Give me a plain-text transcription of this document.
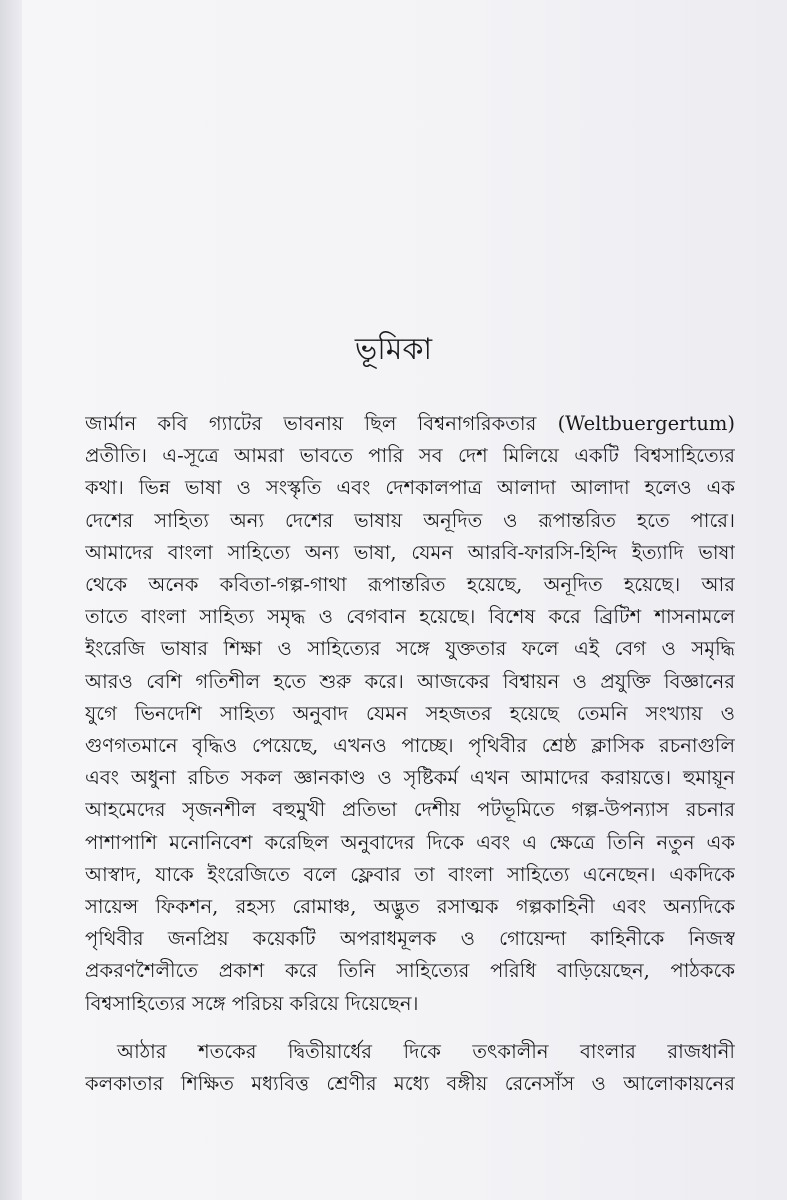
ভূমিকা
জার্মান কবি গ্যাটের ভাবনায় ছিল বিশ্বনাগরিকতার (Weltbuergertum)
প্রতীতি। এ-সূত্রে আমরা ভাবতে পারি সব দেশ মিলিয়ে একটি বিশ্বসাহিত্যের
কথা। ভিন্ন ভাষা ও সংস্কৃতি এবং দেশকালপাত্র আলাদা আলাদা হলেও এক
দেশের সাহিত্য অন্য দেশের ভাষায় অনূদিত ও রূপান্তরিত হতে পারে।
আমাদের বাংলা সাহিত্যে অন্য ভাষা, যেমন আরবি-ফারসি-হিন্দি ইত্যাদি ভাষা
থেকে অনেক কবিতা-গল্প-গাথা রূপান্তরিত হয়েছে, অনূদিত হয়েছে। আর
তাতে বাংলা সাহিত্য সমৃদ্ধ ও বেগবান হয়েছে। বিশেষ করে ব্রিটিশ শাসনামলে
ইংরেজি ভাষার শিক্ষা ও সাহিত্যের সঙ্গে যুক্ততার ফলে এই বেগ ও সমৃদ্ধি
আরও বেশি গতিশীল হতে শুরু করে। আজকের বিশ্বায়ন ও প্রযুক্তি বিজ্ঞানের
যুগে ভিনদেশি সাহিত্য অনুবাদ যেমন সহজতর হয়েছে তেমনি সংখ্যায় ও
গুণগতমানে বৃদ্ধিও পেয়েছে, এখনও পাচ্ছে। পৃথিবীর শ্রেষ্ঠ ক্লাসিক রচনাগুলি
এবং অধুনা রচিত সকল জ্ঞানকাণ্ড ও সৃষ্টিকর্ম এখন আমাদের করায়ত্তে। হুমায়ূন
আহমেদের সৃজনশীল বহুমুখী প্রতিভা দেশীয় পটভূমিতে গল্প-উপন্যাস রচনার
পাশাপাশি মনোনিবেশ করেছিল অনুবাদের দিকে এবং এ ক্ষেত্রে তিনি নতুন এক
আস্বাদ, যাকে ইংরেজিতে বলে ফ্লেবার তা বাংলা সাহিত্যে এনেছেন। একদিকে
সায়েন্স ফিকশন, রহস্য রোমাঞ্চ, অদ্ভুত রসাত্মক গল্পকাহিনী এবং অন্যদিকে
পৃথিবীর জনপ্রিয় কয়েকটি অপরাধমূলক ও গোয়েন্দা কাহিনীকে নিজস্ব
প্রকরণশৈলীতে প্রকাশ করে তিনি সাহিত্যের পরিধি বাড়িয়েছেন, পাঠককে
বিশ্বসাহিত্যের সঙ্গে পরিচয় করিয়ে দিয়েছেন।
আঠার শতকের দ্বিতীয়ার্ধের দিকে তৎকালীন বাংলার রাজধানী
কলকাতার শিক্ষিত মধ্যবিত্ত শ্রেণীর মধ্যে বঙ্গীয় রেনেসাঁস ও আলোকায়নের
